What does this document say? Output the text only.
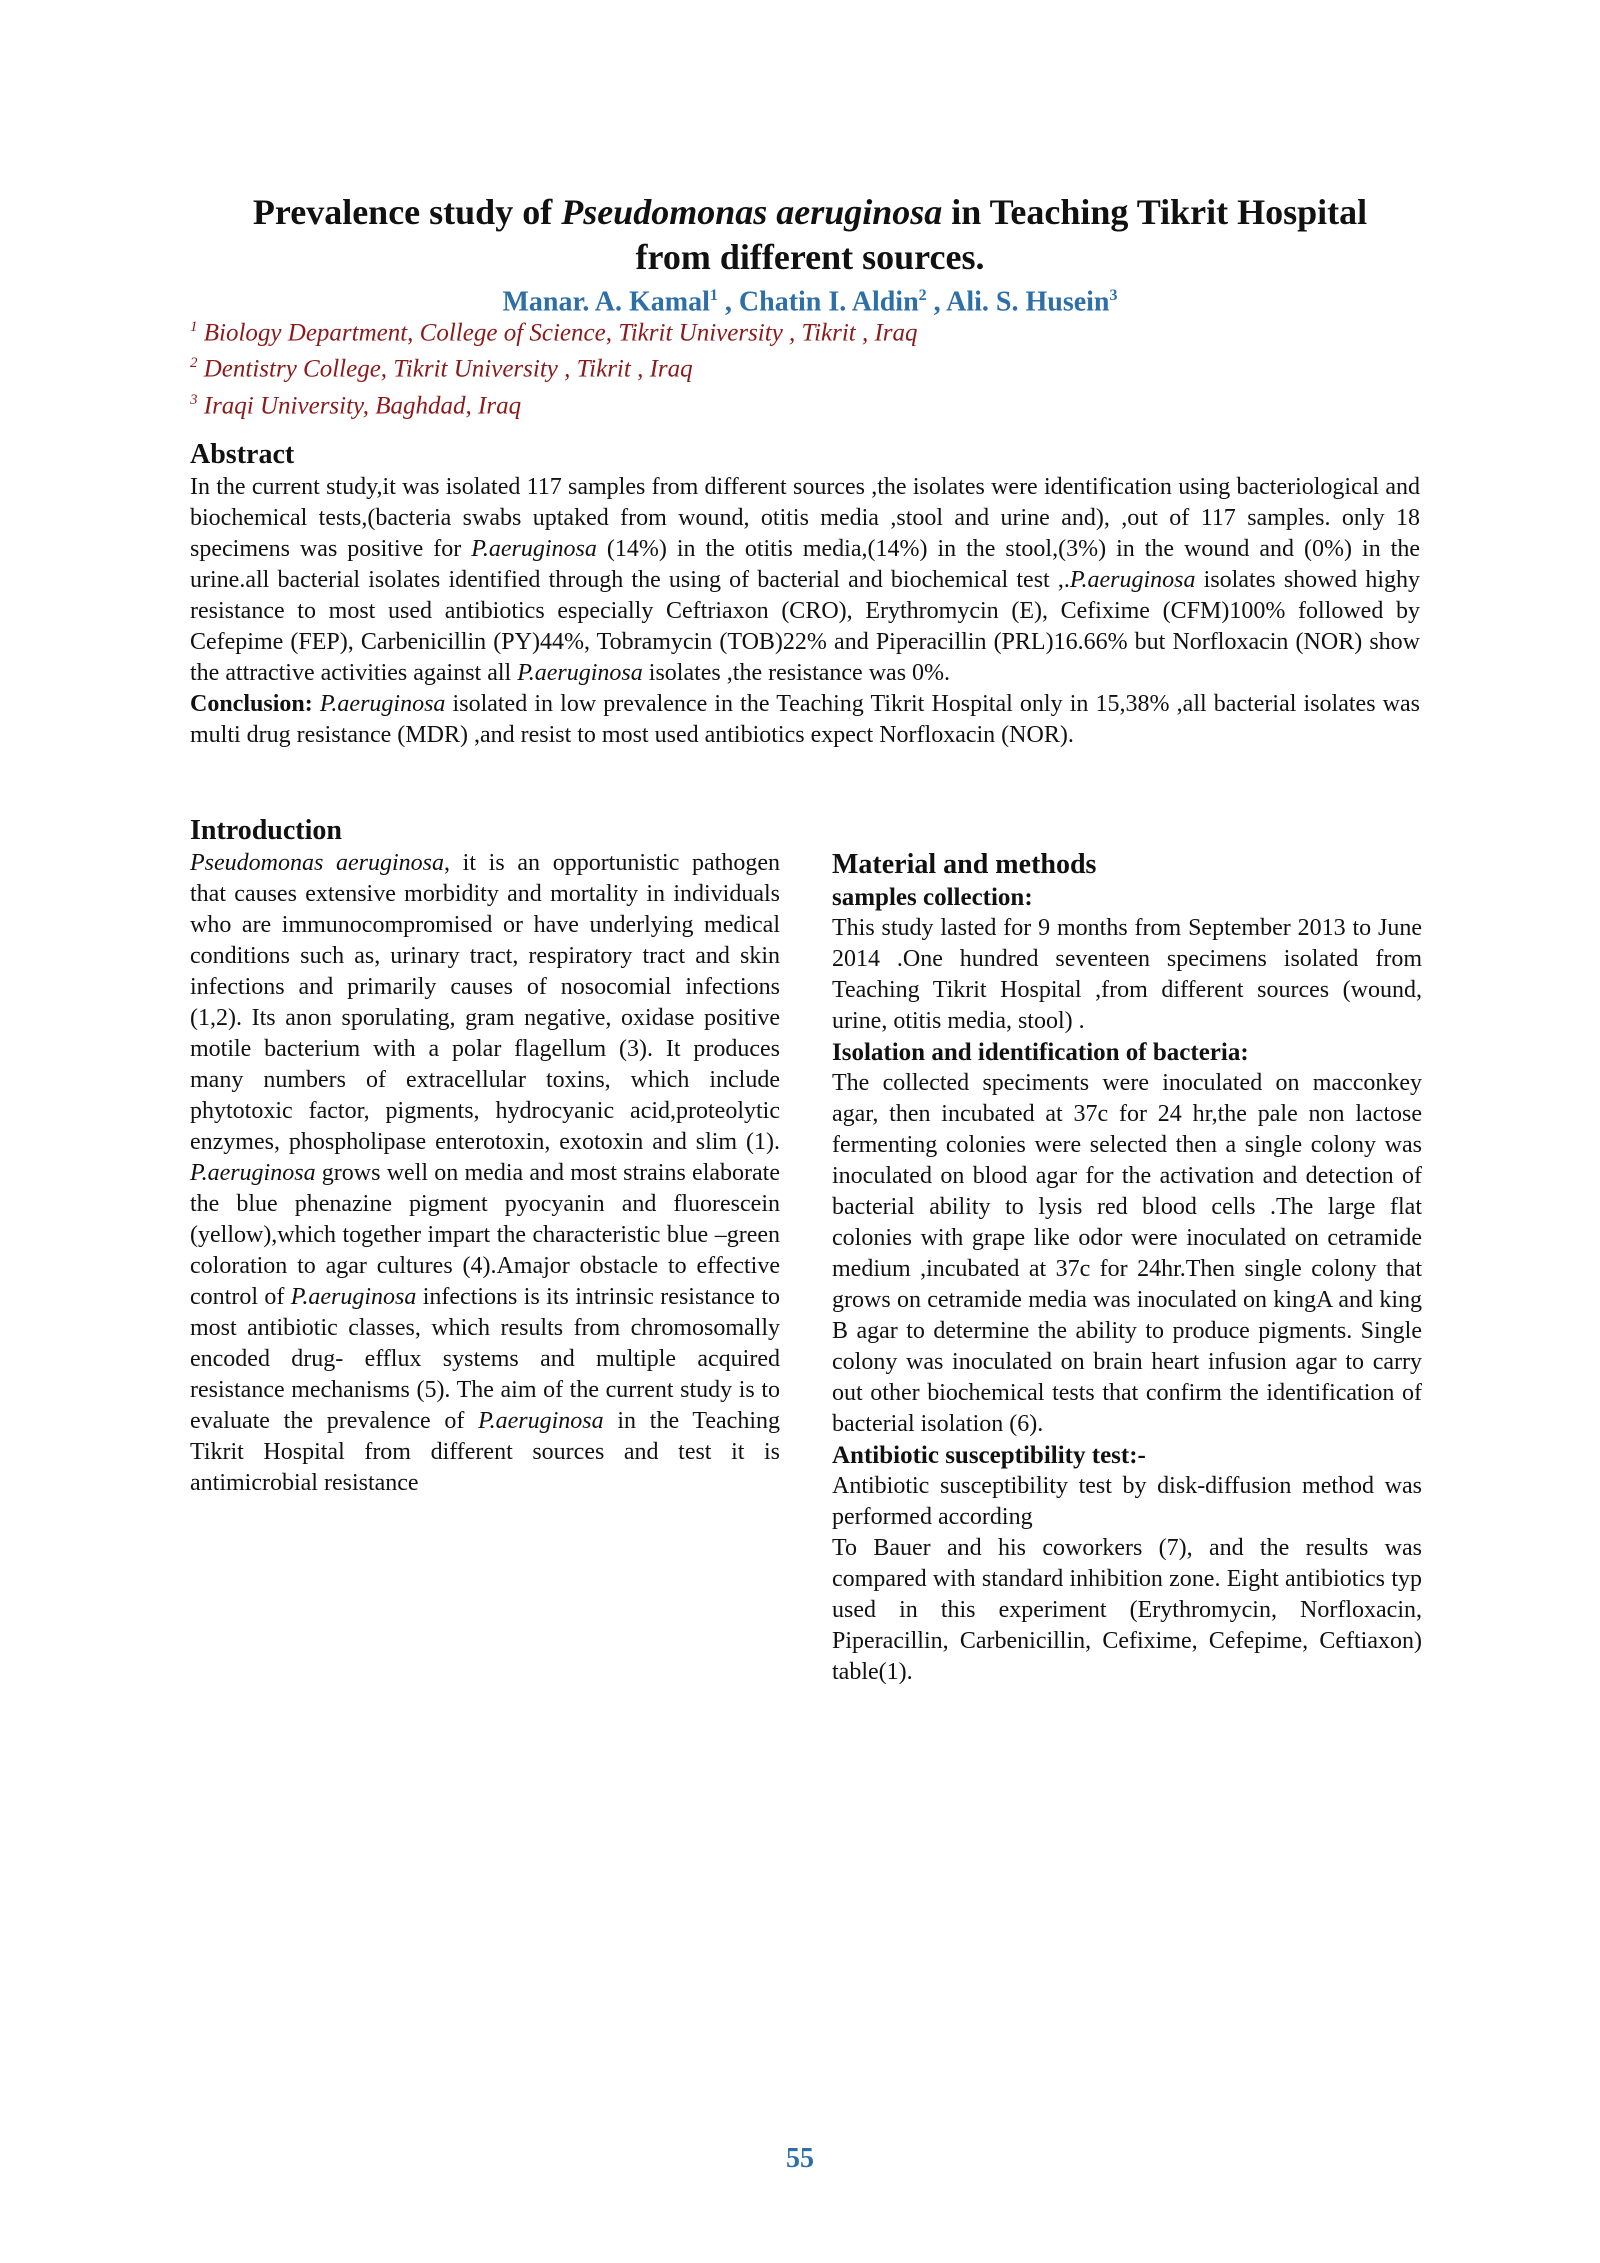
Prevalence study of Pseudomonas aeruginosa in Teaching Tikrit Hospital
from different sources.
Manar. A. Kamal$^1$ , Chatin I. Aldin$^2$ , Ali. S. Husein$^3$
$^1$ Biology Department, College of Science, Tikrit University , Tikrit , Iraq
$^2$ Dentistry College, Tikrit University , Tikrit , Iraq
$^3$ Iraqi University, Baghdad, Iraq
Abstract

In the current study,it was isolated 117 samples from different sources ,the isolates were identification using bacteriological and biochemical tests,(bacteria swabs uptaked from wound, otitis media ,stool and urine and), ,out of 117 samples. only 18 specimens was positive for P.aeruginosa (14%) in the otitis media,(14%) in the stool,(3%) in the wound and (0%) in the urine.all bacterial isolates identified through the using of bacterial and biochemical test ,.P.aeruginosa isolates showed highy resistance to most used antibiotics especially Ceftriaxon (CRO), Erythromycin (E), Cefixime (CFM)100% followed by Cefepime (FEP), Carbenicillin (PY)44%, Tobramycin (TOB)22% and Piperacillin (PRL)16.66% but Norfloxacin (NOR) show the attractive activities against all P.aeruginosa isolates ,the resistance was 0%.

Conclusion: P.aeruginosa isolated in low prevalence in the Teaching Tikrit Hospital only in 15,38% ,all bacterial isolates was multi drug resistance (MDR) ,and resist to most used antibiotics expect Norfloxacin (NOR).

Introduction

Pseudomonas aeruginosa, it is an opportunistic pathogen that causes extensive morbidity and mortality in individuals who are immunocompromised or have underlying medical conditions such as, urinary tract, respiratory tract and skin infections and primarily causes of nosocomial infections (1,2). Its anon sporulating, gram negative, oxidase positive motile bacterium with a polar flagellum (3). It produces many numbers of extracellular toxins, which include phytotoxic factor, pigments, hydrocyanic acid,proteolytic enzymes, phospholipase enterotoxin, exotoxin and slim (1). P.aeruginosa grows well on media and most strains elaborate the blue phenazine pigment pyocyanin and fluorescein (yellow),which together impart the characteristic blue –green coloration to agar cultures (4).Amajor obstacle to effective control of P.aeruginosa infections is its intrinsic resistance to most antibiotic classes, which results from chromosomally encoded drug- efflux systems and multiple acquired resistance mechanisms (5). The aim of the current study is to evaluate the prevalence of P.aeruginosa in the Teaching Tikrit Hospital from different sources and test it is antimicrobial resistance

Material and methods
samples collection:

This study lasted for 9 months from September 2013 to June 2014 .One hundred seventeen specimens isolated from Teaching Tikrit Hospital ,from different sources (wound, urine, otitis media, stool) .

Isolation and identification of bacteria:

The collected speciments were inoculated on macconkey agar, then incubated at 37c for 24 hr,the pale non lactose fermenting colonies were selected then a single colony was inoculated on blood agar for the activation and detection of bacterial ability to lysis red blood cells .The large flat colonies with grape like odor were inoculated on cetramide medium ,incubated at 37c for 24hr.Then single colony that grows on cetramide media was inoculated on kingA and king B agar to determine the ability to produce pigments. Single colony was inoculated on brain heart infusion agar to carry out other biochemical tests that confirm the identification of bacterial isolation (6).

Antibiotic susceptibility test:-

Antibiotic susceptibility test by disk-diffusion method was performed according

To Bauer and his coworkers (7), and the results was compared with standard inhibition zone. Eight antibiotics typ used in this experiment (Erythromycin, Norfloxacin, Piperacillin, Carbenicillin, Cefixime, Cefepime, Ceftiaxon) table(1).

55
